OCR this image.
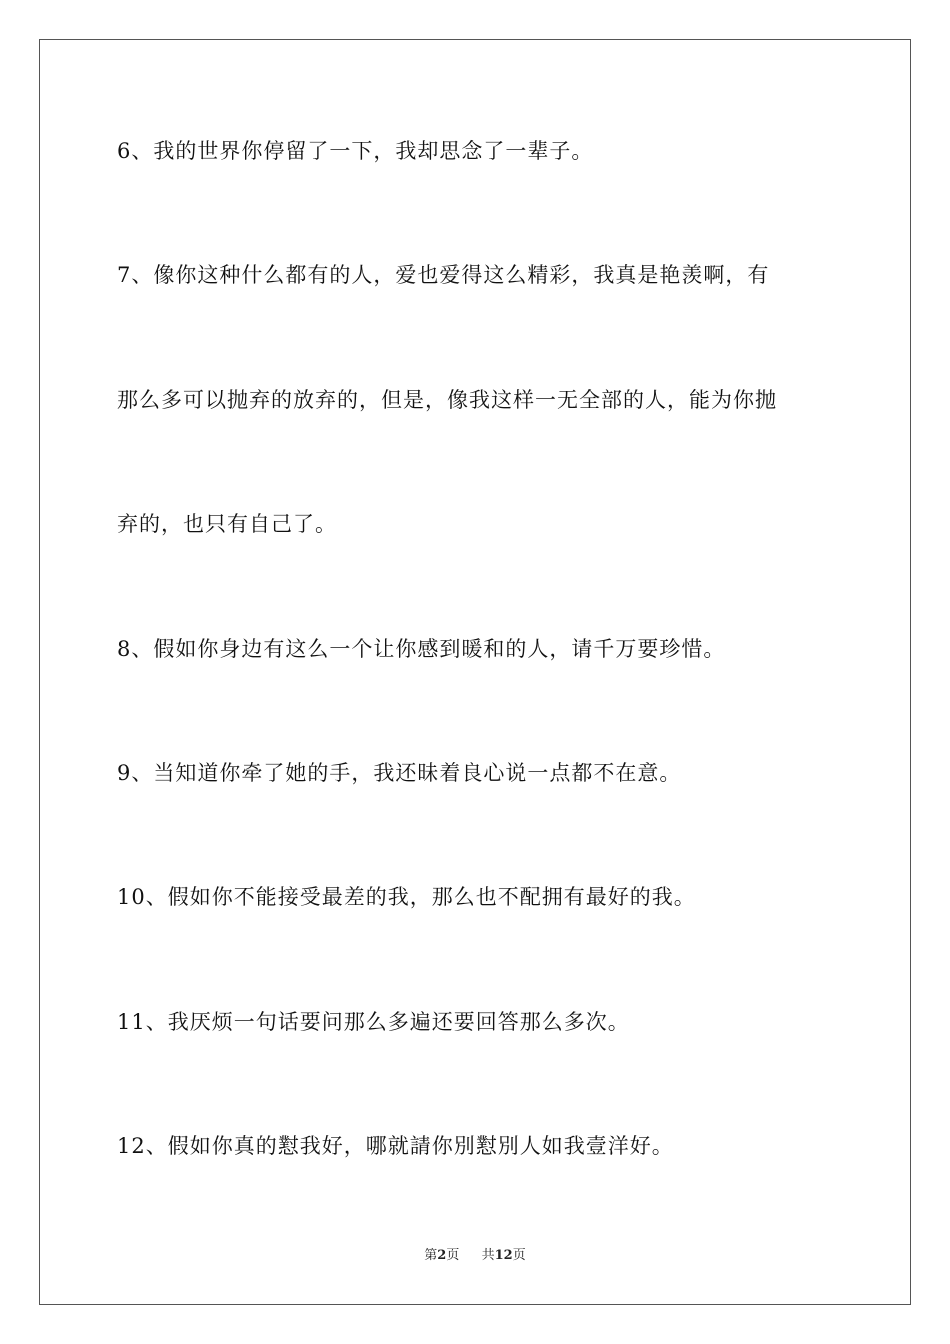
6、我的世界你停留了一下，我却思念了一辈子。
7、像你这种什么都有的人，爱也爱得这么精彩，我真是艳羡啊，有
那么多可以抛弃的放弃的，但是，像我这样一无全部的人，能为你抛
弃的，也只有自己了。
8、假如你身边有这么一个让你感到暖和的人，请千万要珍惜。
9、当知道你牵了她的手，我还昧着良心说一点都不在意。
10、假如你不能接受最差的我，那么也不配拥有最好的我。
11、我厌烦一句话要问那么多遍还要回答那么多次。
12、假如你真的懟我好，哪就請你別懟別人如我壹洋好。
第2页 共12页
